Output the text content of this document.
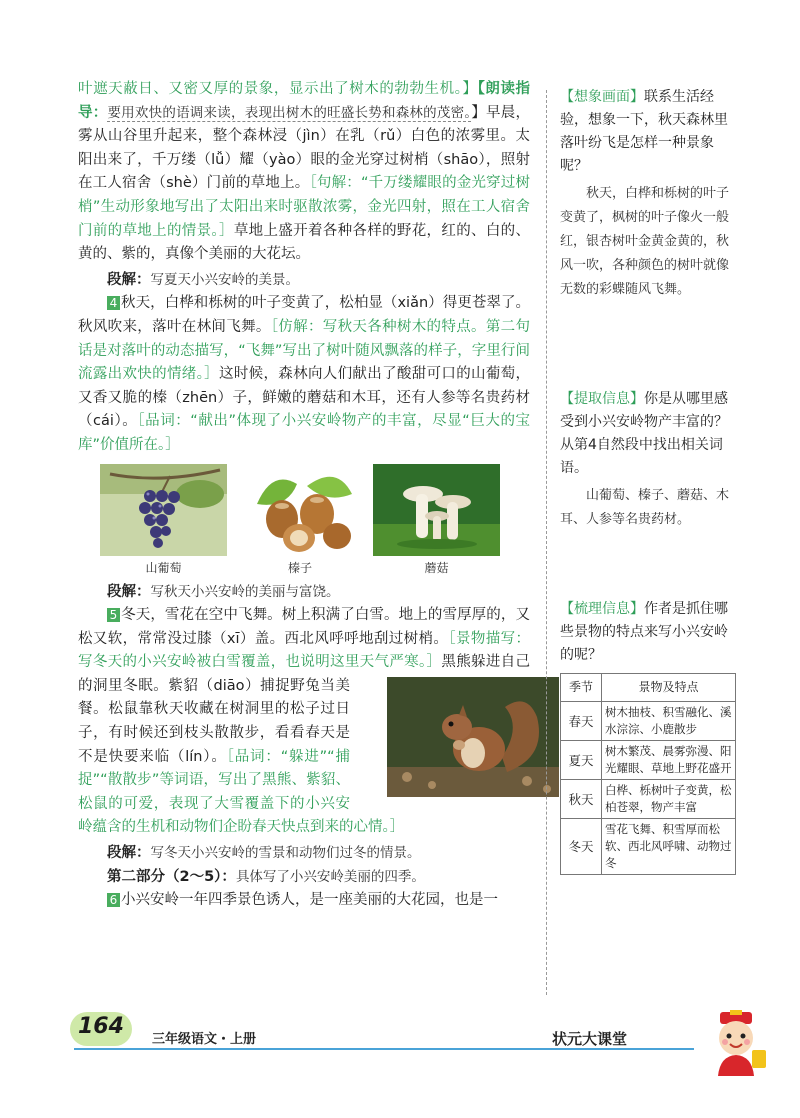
叶遮天蔽日、又密又厚的景象，显示出了树木的勃勃生机。】【朗读指导：要用欢快的语调来读，表现出树木的旺盛长势和森林的茂密。】早晨，雾从山谷里升起来，整个森林浸（jìn）在乳（rǔ）白色的浓雾里。太阳出来了，千万缕（lǚ）耀（yào）眼的金光穿过树梢（shāo），照射在工人宿舍（shè）门前的草地上。［句解：“千万缕耀眼的金光穿过树梢”生动形象地写出了太阳出来时驱散浓雾，金光四射，照在工人宿舍门前的草地上的情景。］草地上盛开着各种各样的野花，红的、白的、黄的、紫的，真像个美丽的大花坛。

段解：写夏天小兴安岭的美景。

4 秋天，白桦和栎树的叶子变黄了，松柏显（xiǎn）得更苍翠了。秋风吹来，落叶在林间飞舞。［仿解：写秋天各种树木的特点。第二句话是对落叶的动态描写，“飞舞”写出了树叶随风飘落的样子，字里行间流露出欢快的情绪。］这时候，森林向人们献出了酸甜可口的山葡萄，又香又脆的榛（zhēn）子，鲜嫩的蘑菇和木耳，还有人参等名贵药材（cái）。［品词：“献出”体现了小兴安岭物产的丰富，尽显“巨大的宝库”价值所在。］

山葡萄	榛子	蘑菇

段解：写秋天小兴安岭的美丽与富饶。

5 冬天，雪花在空中飞舞。树上积满了白雪。地上的雪厚厚的，又松又软，常常没过膝（xī）盖。西北风呼呼地刮过树梢。［景物描写：写冬天的小兴安岭被白雪覆盖，也说明这里天气严寒。］
黑熊躲进自己的洞里冬眠。紫貂（diāo）捕捉野兔当美餐。松鼠靠秋天收藏在树洞里的松子过日子，有时候还到枝头散散步，看看春天是不是快要来临（lín）。［品词：“躲进”“捕捉”“散散步”等词语，写出了黑熊、紫貂、松鼠的可爱，表现了大雪覆盖下的小兴安岭蕴含的生机和动物们企盼春天快点到来的心情。］

段解：写冬天小兴安岭的雪景和动物们过冬的情景。

第二部分（2～5）：具体写了小兴安岭美丽的四季。

6 小兴安岭一年四季景色诱人，是一座美丽的大花园，也是一

【想象画面】联系生活经验，想象一下，秋天森林里落叶纷飞是怎样一种景象呢？

秋天，白桦和栎树的叶子变黄了，枫树的叶子像火一般红，银杏树叶金黄金黄的，秋风一吹，各种颜色的树叶就像无数的彩蝶随风飞舞。

【提取信息】你是从哪里感受到小兴安岭物产丰富的？从第4自然段中找出相关词语。

山葡萄、榛子、蘑菇、木耳、人参等名贵药材。

【梳理信息】作者是抓住哪些景物的特点来写小兴安岭的呢？

季节	景物及特点
春天	树木抽枝、积雪融化、溪水淙淙、小鹿散步
夏天	树木繁茂、晨雾弥漫、阳光耀眼、草地上野花盛开
秋天	白桦、栎树叶子变黄，松柏苍翠，物产丰富
冬天	雪花飞舞、积雪厚而松软、西北风呼啸、动物过冬
164
三年级语文・上册	状元大课堂
